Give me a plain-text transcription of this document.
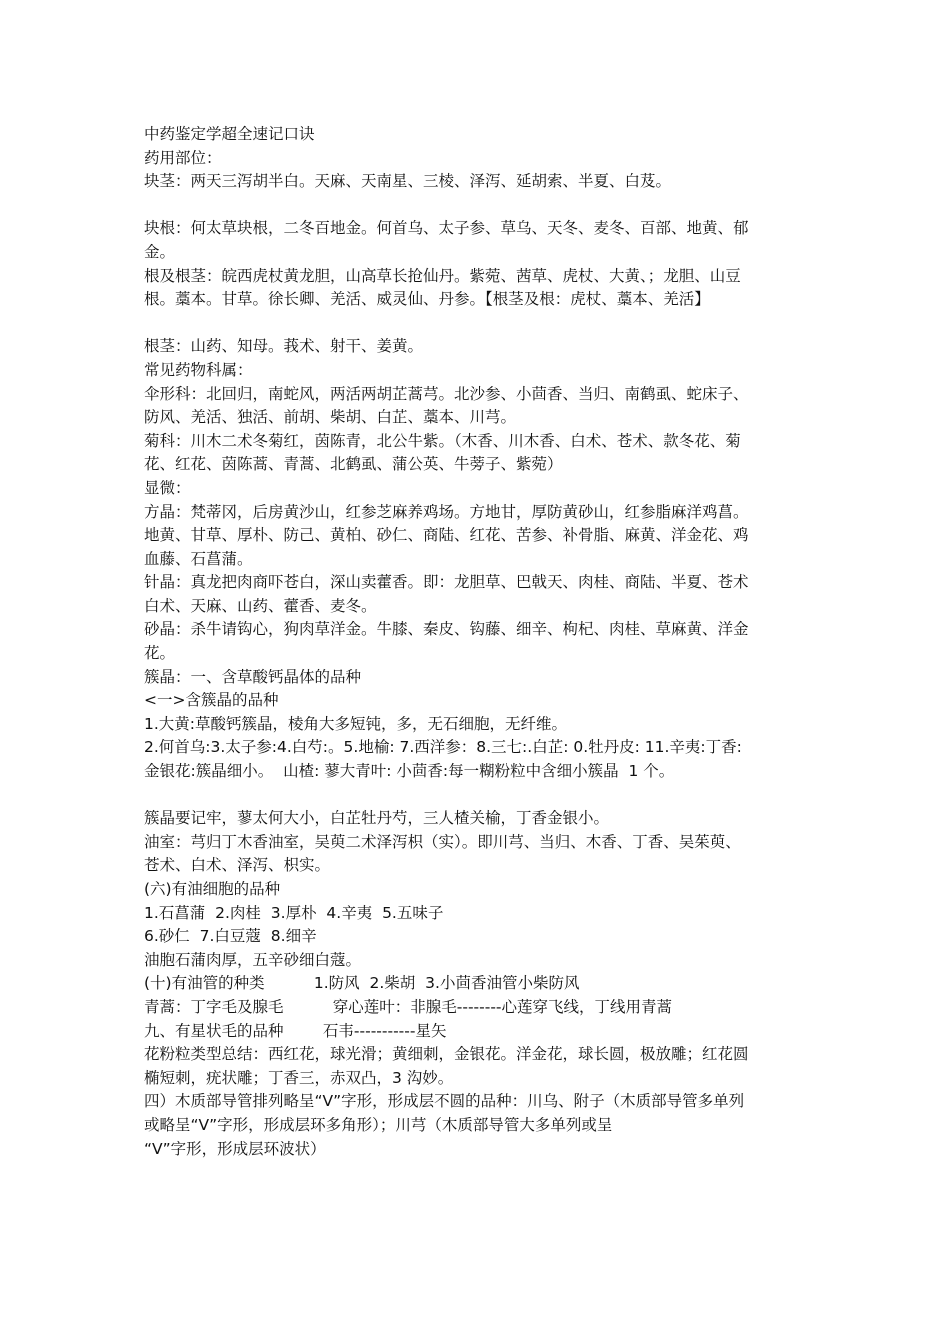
中药鉴定学超全速记口诀

药用部位：

块茎：两天三泻胡半白。天麻、天南星、三棱、泽泻、延胡索、半夏、白芨。

块根：何太草块根，二冬百地金。何首乌、太子参、草乌、天冬、麦冬、百部、地黄、郁

金。

根及根茎：皖西虎杖黄龙胆，山高草长抢仙丹。紫菀、茜草、虎杖、大黄、；龙胆、山豆

根。藁本。甘草。徐长卿、羌活、威灵仙、丹参。【根茎及根：虎杖、藁本、羌活】

根茎：山药、知母。莪术、射干、姜黄。

常见药物科属：

伞形科：北回归，南蛇风，两活两胡芷蒿芎。北沙参、小茴香、当归、南鹤虱、蛇床子、

防风、羌活、独活、前胡、柴胡、白芷、藁本、川芎。

菊科：川木二术冬菊红，茵陈青，北公牛紫。（木香、川木香、白术、苍术、款冬花、菊

花、红花、茵陈蒿、青蒿、北鹤虱、蒲公英、牛蒡子、紫菀）

显微：

方晶：梵蒂冈，后房黄沙山，红参芝麻养鸡场。方地甘，厚防黄砂山，红参脂麻洋鸡菖。

地黄、甘草、厚朴、防己、黄柏、砂仁、商陆、红花、苦参、补骨脂、麻黄、洋金花、鸡

血藤、石菖蒲。

针晶：真龙把肉商吓苍白，深山卖藿香。即：龙胆草、巴戟天、肉桂、商陆、半夏、苍术

白术、天麻、山药、藿香、麦冬。

砂晶：杀牛请钩心，狗肉草洋金。牛膝、秦皮、钩藤、细辛、枸杞、肉桂、草麻黄、洋金

花。

簇晶：一、含草酸钙晶体的品种

<一>含簇晶的品种

1.大黄:草酸钙簇晶，棱角大多短钝，多，无石细胞，无纤维。

2.何首乌:3.太子参:4.白芍:。5.地榆: 7.西洋参：8.三七:.白芷: 0.牡丹皮: 11.辛夷:丁香:

金银花:簇晶细小。  山楂: 蓼大青叶: 小茴香:每一糊粉粒中含细小簇晶  1 个。

簇晶要记牢，蓼太何大小，白芷牡丹芍，三人楂关榆，丁香金银小。

油室：芎归丁木香油室，吴萸二术泽泻枳（实）。即川芎、当归、木香、丁香、吴茱萸、

苍术、白术、泽泻、枳实。

(六)有油细胞的品种

1.石菖蒲  2.肉桂  3.厚朴  4.辛夷  5.五味子

6.砂仁  7.白豆蔻  8.细辛

油胞石蒲肉厚，五辛砂细白蔻。

(十)有油管的种类          1.防风  2.柴胡  3.小茴香油管小柴防风

青蒿：丁字毛及腺毛          穿心莲叶：非腺毛--------心莲穿飞线，丁线用青蒿

九、有星状毛的品种        石韦-----------星矢

花粉粒类型总结：西红花，球光滑；黄细刺，金银花。洋金花，球长圆，极放雕；红花圆

椭短刺，疣状雕；丁香三，赤双凸，3 沟妙。

四）木质部导管排列略呈“V”字形，形成层不圆的品种：川乌、附子（木质部导管多单列

或略呈“V”字形，形成层环多角形）；川芎（木质部导管大多单列或呈

“V”字形，形成层环波状）
